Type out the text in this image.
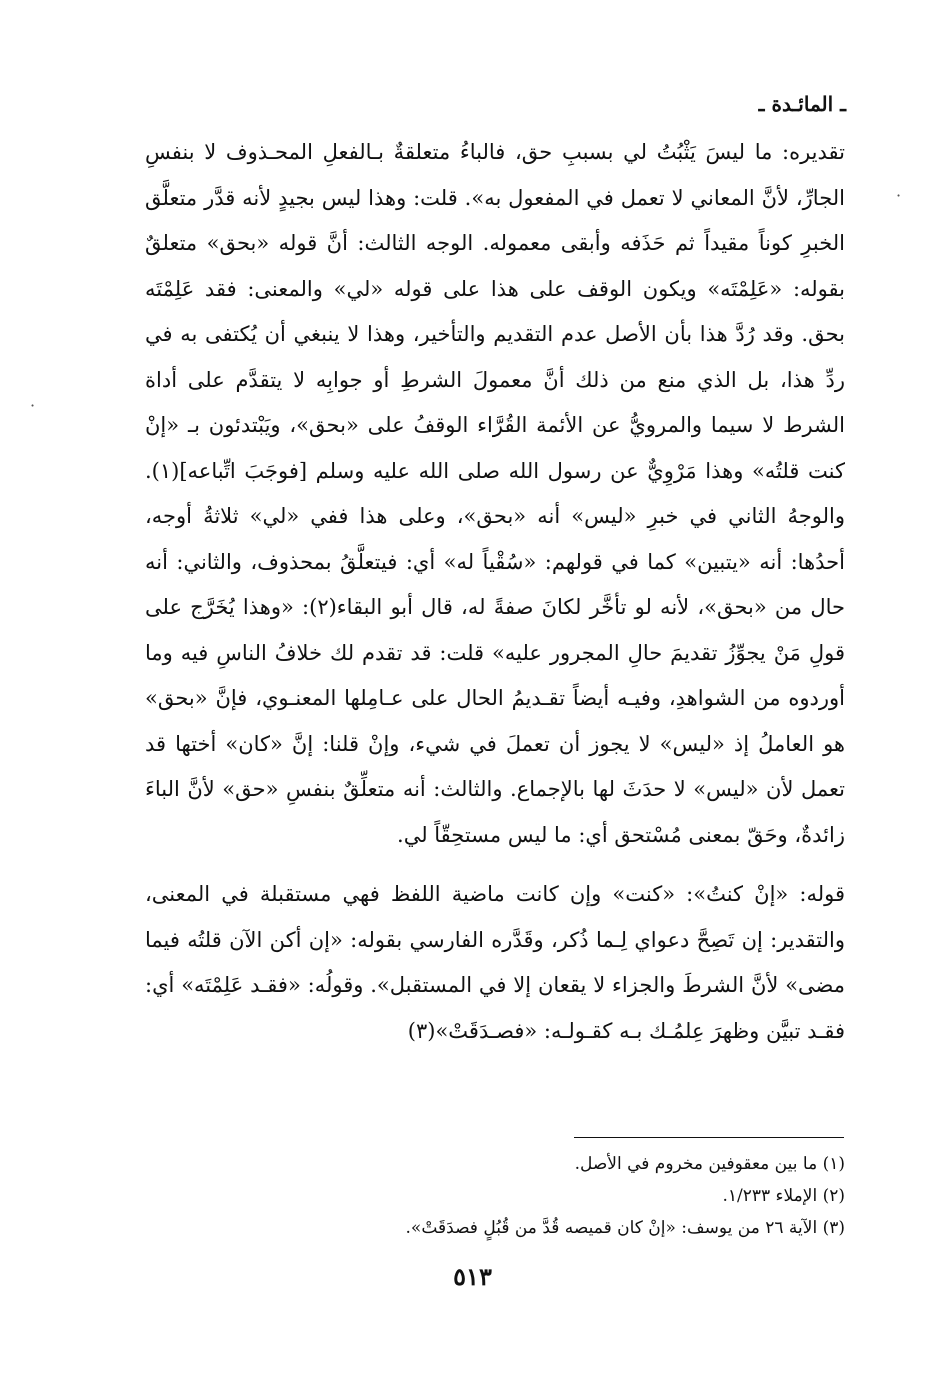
ـ المائـدة ـ

تقديره: ما ليسَ يَثْبُتُ لي بسببِ حق، فالباءُ متعلقةٌ بـالفعلِ المحـذوف لا بنفسِ الجارِّ، لأنَّ المعاني لا تعمل في المفعول به». قلت: وهذا ليس بجيدٍ لأنه قدَّر متعلَّق الخبرِ كوناً مقيداً ثم حَذَفه وأبقى معموله. الوجه الثالث: أنَّ قوله «بحق» متعلقٌ بقوله: «عَلِمْتَه» ويكون الوقف على هذا على قوله «لي» والمعنى: فقد عَلِمْتَه بحق. وقد رُدَّ هذا بأن الأصل عدم التقديم والتأخير، وهذا لا ينبغي أن يُكتفى به في ردِّ هذا، بل الذي منع من ذلك أنَّ معمولَ الشرطِ أو جوابِه لا يتقدَّم على أداة الشرط لا سيما والمرويُّ عن الأئمة القُرَّاء الوقفُ على «بحق»، ويَبْتدئون بـ «إنْ كنت قلتُه» وهذا مَرْوِيٌّ عن رسول الله صلى الله عليه وسلم [فوجَبَ اتِّباعه](١). والوجهُ الثاني في خبرِ «ليس» أنه «بحق»، وعلى هذا ففي «لي» ثلاثةُ أوجه، أحدُها: أنه «يتبين» كما في قولهم: «سُقْياً له» أي: فيتعلَّقُ بمحذوف، والثاني: أنه حال من «بحق»، لأنه لو تأخَّر لكانَ صفةً له، قال أبو البقاء(٢): «وهذا يُخَرَّج على قولِ مَنْ يجوِّزُ تقديمَ حالِ المجرور عليه» قلت: قد تقدم لك خلافُ الناسِ فيه وما أوردوه من الشواهدِ، وفيـه أيضاً تقـديمُ الحال على عـامِلها المعنـوي، فإنَّ «بحق» هو العاملُ إذ «ليس» لا يجوز أن تعملَ في شيء، وإنْ قلنا: إنَّ «كان» أختها قد تعمل لأن «ليس» لا حدَثَ لها بالإجماع. والثالث: أنه متعلِّقٌ بنفسِ «حق» لأنَّ الباءَ زائدةٌ، وحَقّ بمعنى مُسْتحق أي: ما ليس مستحِقّاً لي.

قوله: «إنْ كنتُ»: «كنت» وإن كانت ماضية اللفظ فهي مستقبلة في المعنى، والتقدير: إن تَصِحَّ دعواي لِـما ذُكر، وقَدَّره الفارسي بقوله: «إن أكن الآن قلتُه فيما مضى» لأنَّ الشرطَ والجزاء لا يقعان إلا في المستقبل». وقولُه: «فقـد عَلِمْتَه» أي: فقـد تبيَّن وظهرَ عِلمُـك بـه كقـولـه: «فصـدَقَتْ»(٣)

(١) ما بين معقوفين مخروم في الأصل.
(٢) الإملاء ١/٢٣٣.
(٣) الآية ٢٦ من يوسف: «إنْ كان قميصه قُدَّ من قُبُلٍ فصدَقَتْ».
٥١٣
·
·
